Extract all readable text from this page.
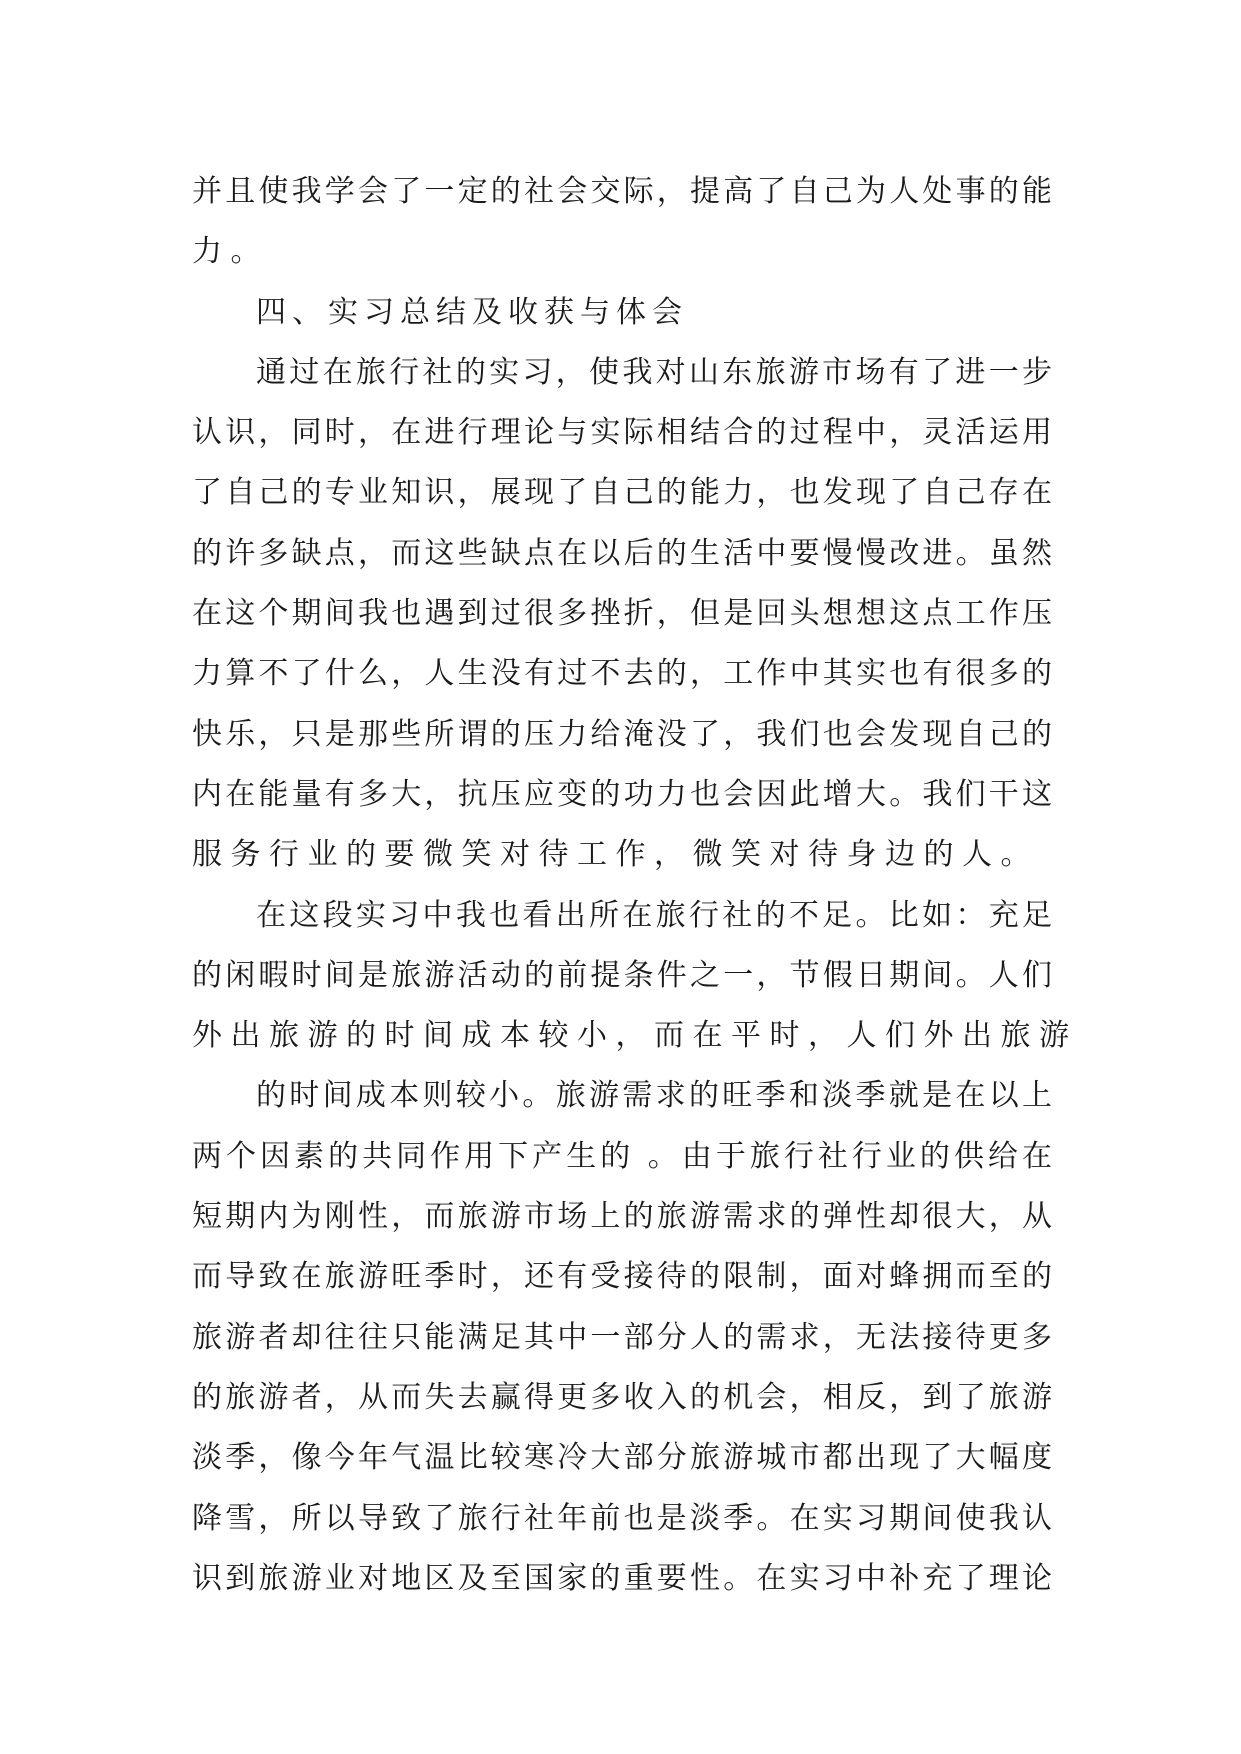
并且使我学会了一定的社会交际，提高了自己为人处事的能
力。
四、实习总结及收获与体会
通过在旅行社的实习，使我对山东旅游市场有了进一步
认识，同时，在进行理论与实际相结合的过程中，灵活运用
了自己的专业知识，展现了自己的能力，也发现了自己存在
的许多缺点，而这些缺点在以后的生活中要慢慢改进。虽然
在这个期间我也遇到过很多挫折，但是回头想想这点工作压
力算不了什么，人生没有过不去的，工作中其实也有很多的
快乐，只是那些所谓的压力给淹没了，我们也会发现自己的
内在能量有多大，抗压应变的功力也会因此增大。我们干这
服务行业的要微笑对待工作，微笑对待身边的人。
在这段实习中我也看出所在旅行社的不足。比如：充足
的闲暇时间是旅游活动的前提条件之一，节假日期间。人们
外出旅游的时间成本较小，而在平时，人们外出旅游
的时间成本则较小。旅游需求的旺季和淡季就是在以上
两个因素的共同作用下产生的 。由于旅行社行业的供给在
短期内为刚性，而旅游市场上的旅游需求的弹性却很大，从
而导致在旅游旺季时，还有受接待的限制，面对蜂拥而至的
旅游者却往往只能满足其中一部分人的需求，无法接待更多
的旅游者，从而失去赢得更多收入的机会，相反，到了旅游
淡季，像今年气温比较寒冷大部分旅游城市都出现了大幅度
降雪，所以导致了旅行社年前也是淡季。在实习期间使我认
识到旅游业对地区及至国家的重要性。在实习中补充了理论
